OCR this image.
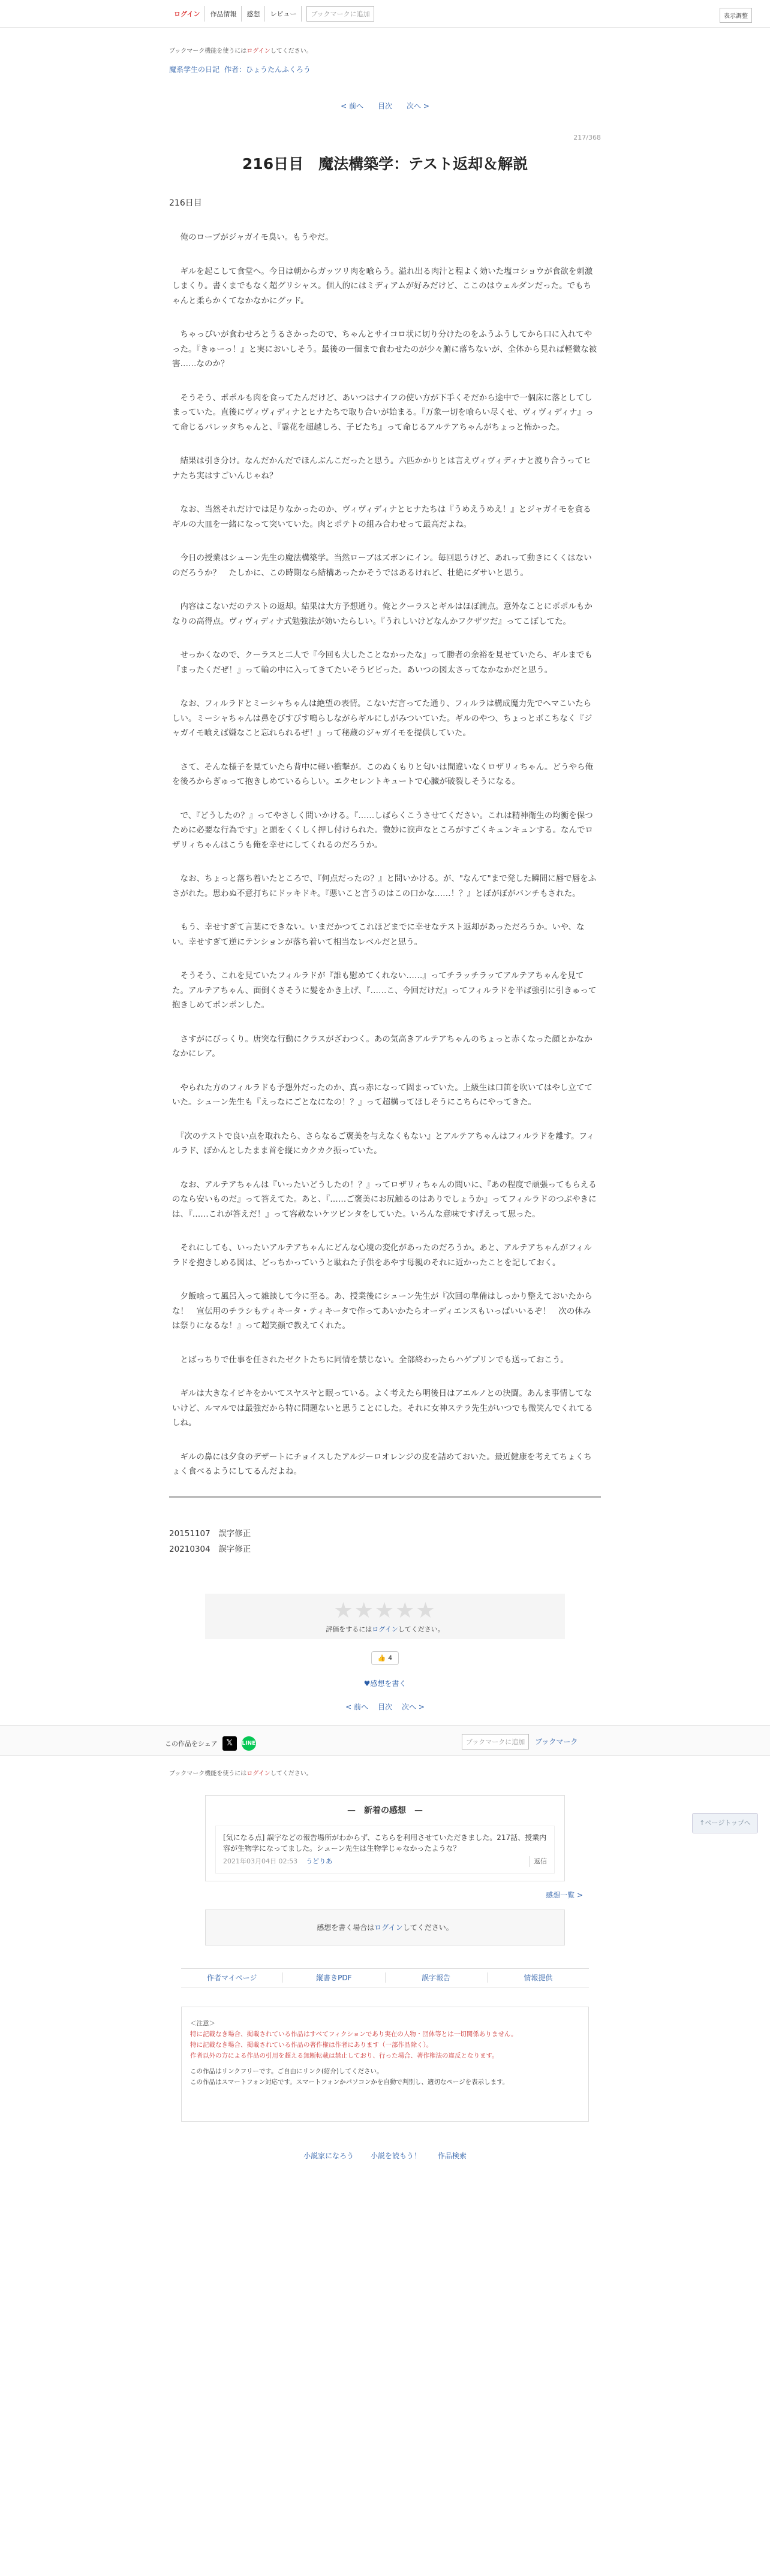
ログイン	作品情報	感想	レビュー	ブックマークに追加	表示調整
ブックマーク機能を使うにはログインしてください。
魔系学生の日記 作者：ひょうたんふくろう
< 前へ 目次 次へ >
217/368
216日目　魔法構築学：テスト返却＆解説
216日目

　俺のローブがジャガイモ臭い。もうやだ。

　ギルを起こして食堂へ。今日は朝からガッツリ肉を喰らう。溢れ出る肉汁と程よく効いた塩コショウが食欲を刺激しまくり。書くまでもなく超グリシャス。個人的にはミディアムが好みだけど、ここのはウェルダンだった。でもちゃんと柔らかくてなかなかにグッド。

　ちゃっぴいが食わせろとうるさかったので、ちゃんとサイコロ状に切り分けたのをふうふうしてから口に入れてやった。『きゅーっ！』と実においしそう。最後の一個まで食わせたのが少々腑に落ちないが、全体から見れば軽微な被害……なのか？

　そうそう、ポポルも肉を食ってたんだけど、あいつはナイフの使い方が下手くそだから途中で一個床に落としてしまっていた。直後にヴィヴィディナとヒナたちで取り合いが始まる。『万象一切を喰らい尽くせ、ヴィヴィディナ』って命じるパレッタちゃんと、『霊花を超越しろ、子ビたち』って命じるアルテアちゃんがちょっと怖かった。

　結果は引き分け。なんだかんだでほんぶんこだったと思う。六匹かかりとは言えヴィヴィディナと渡り合うってヒナたち実はすごいんじゃね？

　なお、当然それだけでは足りなかったのか、ヴィヴィディナとヒナたちは『うめえうめえ！』とジャガイモを貪るギルの大皿を一緒になって突いていた。肉とポテトの組み合わせって最高だよね。

　今日の授業はシューン先生の魔法構築学。当然ローブはズボンにイン。毎回思うけど、あれって動きにくくはないのだろうか？　たしかに、この時期なら結構あったかそうではあるけれど、壮絶にダサいと思う。

　内容はこないだのテストの返却。結果は大方予想通り。俺とクーラスとギルはほぼ満点。意外なことにポポルもかなりの高得点。ヴィヴィディナ式勉強法が効いたらしい。『うれしいけどなんかフクザツだ』ってこぼしてた。

　せっかくなので、クーラスと二人で『今回も大したことなかったな』って勝者の余裕を見せていたら、ギルまでも『まったくだぜ！』って輪の中に入ってきてたいそうビビった。あいつの図太さってなかなかだと思う。

　なお、フィルラドとミーシャちゃんは絶望の表情。こないだ言ってた通り、フィルラは構成魔力先でヘマこいたらしい。ミーシャちゃんは鼻をびすびす鳴らしながらギルにしがみついていた。ギルのやつ、ちょっとボこちなく『ジャガイモ喰えば嫌なこと忘れられるぜ！』って秘蔵のジャガイモを提供していた。

　さて、そんな様子を見ていたら背中に軽い衝撃が。このぬくもりと匂いは間違いなくロザリィちゃん。どうやら俺を後ろからぎゅって抱きしめているらしい。エクセレントキュートで心臓が破裂しそうになる。

　で、『どうしたの？』ってやさしく問いかける。『……しばらくこうさせてください。これは精神衛生の均衡を保つために必要な行為です』と頭をくくしく押し付けられた。微妙に涙声なところがすごくキュンキュンする。なんでロザリィちゃんはこうも俺を幸せにしてくれるのだろうか。

　なお、ちょっと落ち着いたところで、『何点だったの？』と問いかける。が、"なんて"まで発した瞬間に唇で唇をふさがれた。思わぬ不意打ちにドッキドキ。『悪いこと言うのはこの口かな……！？』とぼがぼがバンチもされた。

　もう、幸せすぎて言葉にできない。いまだかつてこれほどまでに幸せなテスト返却があっただろうか。いや、ない。幸せすぎて逆にテンションが落ち着いて相当なレベルだと思う。

　そうそう、これを見ていたフィルラドが『誰も慰めてくれない……』ってチラッチラッてアルテアちゃんを見てた。アルテアちゃん、面倒くさそうに髪をかき上げ、『……こ、今回だけだ』ってフィルラドを半ば強引に引きゅって抱きしめてポンポンした。

　さすがにびっくり。唐突な行動にクラスがざわつく。あの気高きアルテアちゃんのちょっと赤くなった顔とかなかなかにレア。

　やられた方のフィルラドも予想外だったのか、真っ赤になって固まっていた。上級生は口笛を吹いてはやし立てていた。シューン先生も『えっなにごとなになの！？』って超構ってほしそうにこちらにやってきた。

　『次のテストで良い点を取れたら、さらなるご褒美を与えなくもない』とアルテアちゃんはフィルラドを離す。フィルラド、ぽかんとしたまま首を縦にカクカク振っていた。

　なお、アルテアちゃんは『いったいどうしたの！？』ってロザリィちゃんの問いに、『あの程度で頑張ってもらえるのなら安いものだ』って答えてた。あと、『……ご褒美にお尻触るのはありでしょうか』ってフィルラドのつぶやきには、『……これが答えだ！』って容赦ないケツビンタをしていた。いろんな意味ですげえって思った。

　それにしても、いったいアルテアちゃんにどんな心境の変化があったのだろうか。あと、アルテアちゃんがフィルラドを抱きしめる図は、どっちかっていうと駄ねた子供をあやす母親のそれに近かったことを記しておく。

　夕飯喰って風呂入って雑談して今に至る。あ、授業後にシューン先生が『次回の準備はしっかり整えておいたからな！　宣伝用のチラシもティキータ・ティキータで作ってあいかたらオーディエンスもいっぱいいるぞ！　次の休みは祭りになるな！』って超笑顔で教えてくれた。

　とばっちりで仕事を任されたゼクトたちに同情を禁じない。全部終わったらハゲプリンでも送っておこう。

　ギルは大きなイビキをかいてスヤスヤと眠っている。よく考えたら明後日はアエルノとの決闘。あんま事情してないけど、ルマルでは最強だから特に問題ないと思うことにした。それに女神ステラ先生がいつでも微笑んでくれてるしね。

　ギルの鼻には夕食のデザートにチョイスしたアルジーロオレンジの皮を詰めておいた。最近健康を考えてちょくちょく食べるようにしてるんだよね。

20151107　誤字修正

20210304　誤字修正

★★★★★
評価をするにはログインしてください。
👍 4
♥感想を書く
< 前へ 目次 次へ >
この作品をシェア	𝕏	LINE	ブックマークに追加	ブックマーク
ブックマーク機能を使うにはログインしてください。
↑ページトップへ
—　新着の感想　—
[気になる点] 誤字などの報告場所がわからず、こちらを利用させていただきました。217話、授業内容が生物学になってました。シューン先生は生物学じゃなかったような？
2021年03月04日 02:53 うどりあ	返信
感想一覧 >
感想を書く場合はログインしてください。
作者マイページ	縦書きPDF	誤字報告	情報提供
＜注意＞
特に記載なき場合、掲載されている作品はすべてフィクションであり実在の人物・団体等とは一切関係ありません。
特に記載なき場合、掲載されている作品の著作権は作者にあります（一部作品除く）。
作者以外の方による作品の引用を超える無断転載は禁止しており、行った場合、著作権法の違反となります。
この作品はリンクフリーです。ご自由にリンク(紹介)してください。
この作品はスマートフォン対応です。スマートフォンかパソコンかを自動で判別し、適切なページを表示します。
小説家になろう 小説を読もう！ 作品検索
